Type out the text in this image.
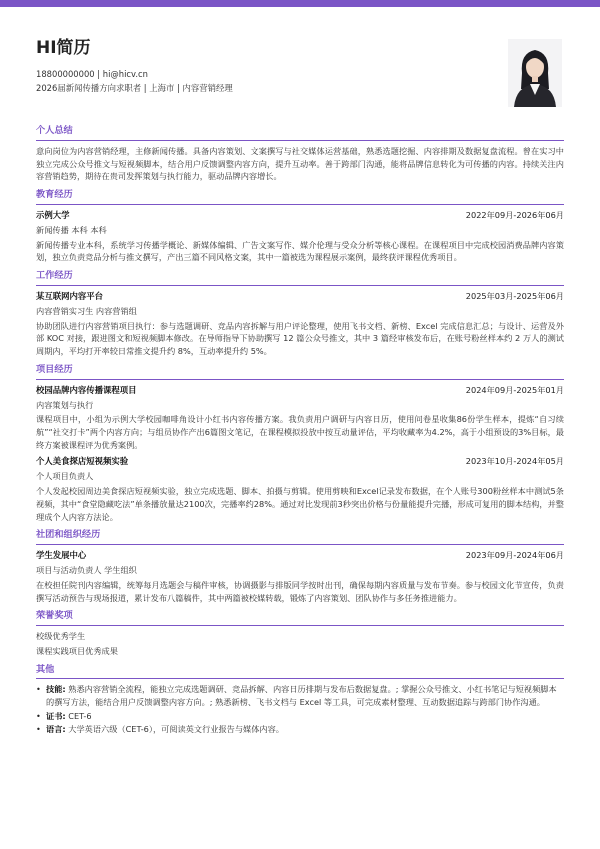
HI简历
18800000000 | hi@hicv.cn
2026届新闻传播方向求职者 | 上海市 | 内容营销经理
个人总结
意向岗位为内容营销经理，主修新闻传播。具备内容策划、文案撰写与社交媒体运营基础，熟悉选题挖掘、内容排期及数据复盘流程。曾在实习中独立完成公众号推文与短视频脚本，结合用户反馈调整内容方向，提升互动率。善于跨部门沟通，能将品牌信息转化为可传播的内容。持续关注内容营销趋势，期待在贵司发挥策划与执行能力，驱动品牌内容增长。
教育经历
示例大学	2022年09月-2026年06月
新闻传播 本科 本科
新闻传播专业本科，系统学习传播学概论、新媒体编辑、广告文案写作、媒介伦理与受众分析等核心课程。在课程项目中完成校园消费品牌内容策划，独立负责竞品分析与推文撰写，产出三篇不同风格文案，其中一篇被选为课程展示案例，最终获评课程优秀项目。
工作经历
某互联网内容平台	2025年03月-2025年06月
内容营销实习生 内容营销组
协助团队进行内容营销项目执行：参与选题调研、竞品内容拆解与用户评论整理，使用飞书文档、新榜、Excel 完成信息汇总；与设计、运营及外部 KOC 对接，跟进图文和短视频脚本修改。在导师指导下协助撰写 12 篇公众号推文，其中 3 篇经审核发布后，在账号粉丝样本约 2 万人的测试周期内，平均打开率较日常推文提升约 8%，互动率提升约 5%。
项目经历
校园品牌内容传播课程项目	2024年09月-2025年01月
内容策划与执行
课程项目中，小组为示例大学校园咖啡角设计小红书内容传播方案。我负责用户调研与内容日历，使用问卷星收集86份学生样本，提炼“自习续航”“社交打卡”两个内容方向；与组员协作产出6篇图文笔记，在课程模拟投放中按互动量评估，平均收藏率为4.2%，高于小组预设的3%目标，最终方案被课程评为优秀案例。
个人美食探店短视频实验	2023年10月-2024年05月
个人项目负责人
个人发起校园周边美食探店短视频实验，独立完成选题、脚本、拍摄与剪辑。使用剪映和Excel记录发布数据，在个人账号300粉丝样本中测试5条视频，其中“食堂隐藏吃法”单条播放量达2100次，完播率约28%。通过对比发现前3秒突出价格与份量能提升完播，形成可复用的脚本结构，并整理成个人内容方法论。
社团和组织经历
学生发展中心	2023年09月-2024年06月
项目与活动负责人 学生组织
在校担任院刊内容编辑，统筹每月选题会与稿件审核，协调摄影与排版同学按时出刊，确保每期内容质量与发布节奏。参与校园文化节宣传，负责撰写活动预告与现场报道，累计发布八篇稿件，其中两篇被校媒转载，锻炼了内容策划、团队协作与多任务推进能力。
荣誉奖项
校级优秀学生
课程实践项目优秀成果
其他
• 技能: 熟悉内容营销全流程，能独立完成选题调研、竞品拆解、内容日历排期与发布后数据复盘。; 掌握公众号推文、小红书笔记与短视频脚本的撰写方法，能结合用户反馈调整内容方向。; 熟悉新榜、飞书文档与 Excel 等工具，可完成素材整理、互动数据追踪与跨部门协作沟通。
• 证书: CET-6
• 语言: 大学英语六级（CET-6），可阅读英文行业报告与媒体内容。
